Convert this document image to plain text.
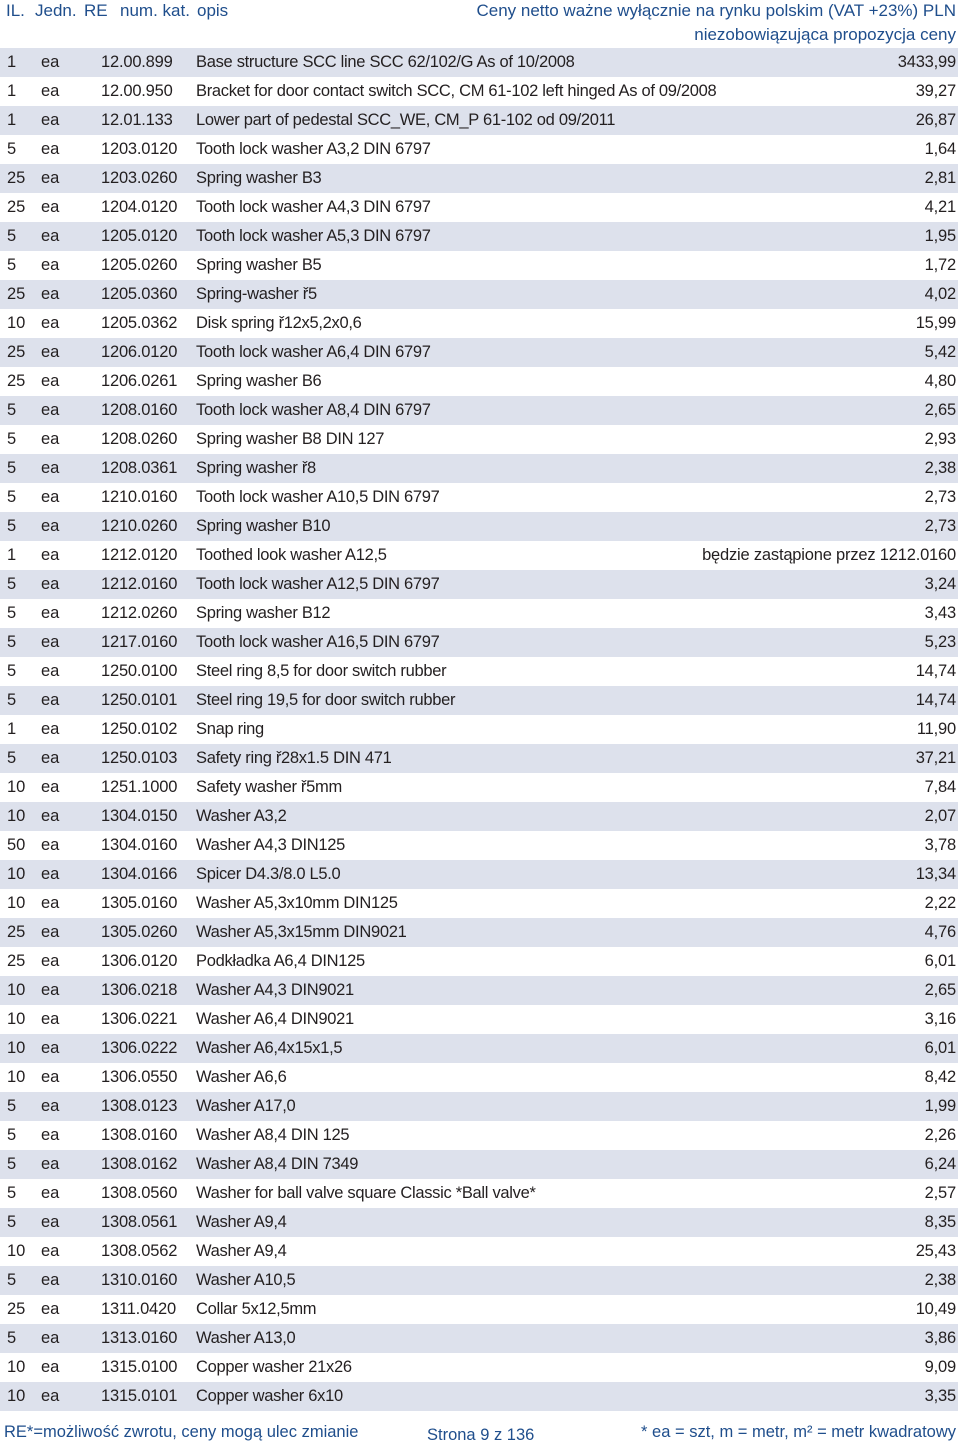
IL. Jedn. RE num. kat. opis	Ceny netto ważne wyłącznie na rynku polskim (VAT +23%) PLN
niezobowiązująca propozycja ceny
1 ea	12.00.899 Base structure SCC line SCC 62/102/G As of 10/2008	3433,99
1 ea	12.00.950 Bracket for door contact switch SCC, CM 61-102 left hinged As of 09/2008	39,27
1 ea	12.01.133 Lower part of pedestal SCC_WE, CM_P 61-102 od 09/2011	26,87
5 ea	1203.0120 Tooth lock washer A3,2 DIN 6797	1,64
25 ea	1203.0260 Spring washer B3	2,81
25 ea	1204.0120 Tooth lock washer A4,3 DIN 6797	4,21
5 ea	1205.0120 Tooth lock washer A5,3 DIN 6797	1,95
5 ea	1205.0260 Spring washer B5	1,72
25 ea	1205.0360 Spring-washer ř5	4,02
10 ea	1205.0362 Disk spring ř12x5,2x0,6	15,99
25 ea	1206.0120 Tooth lock washer A6,4 DIN 6797	5,42
25 ea	1206.0261 Spring washer B6	4,80
5 ea	1208.0160 Tooth lock washer A8,4 DIN 6797	2,65
5 ea	1208.0260 Spring washer B8 DIN 127	2,93
5 ea	1208.0361 Spring washer ř8	2,38
5 ea	1210.0160 Tooth lock washer A10,5 DIN 6797	2,73
5 ea	1210.0260 Spring washer B10	2,73
1 ea	1212.0120 Toothed look washer A12,5	będzie zastąpione przez 1212.0160
5 ea	1212.0160 Tooth lock washer A12,5 DIN 6797	3,24
5 ea	1212.0260 Spring washer B12	3,43
5 ea	1217.0160 Tooth lock washer A16,5 DIN 6797	5,23
5 ea	1250.0100 Steel ring 8,5 for door switch rubber	14,74
5 ea	1250.0101 Steel ring 19,5 for door switch rubber	14,74
1 ea	1250.0102 Snap ring	11,90
5 ea	1250.0103 Safety ring ř28x1.5 DIN 471	37,21
10 ea	1251.1000 Safety washer ř5mm	7,84
10 ea	1304.0150 Washer A3,2	2,07
50 ea	1304.0160 Washer A4,3 DIN125	3,78
10 ea	1304.0166 Spicer D4.3/8.0 L5.0	13,34
10 ea	1305.0160 Washer A5,3x10mm DIN125	2,22
25 ea	1305.0260 Washer A5,3x15mm DIN9021	4,76
25 ea	1306.0120 Podkładka A6,4 DIN125	6,01
10 ea	1306.0218 Washer A4,3 DIN9021	2,65
10 ea	1306.0221 Washer A6,4 DIN9021	3,16
10 ea	1306.0222 Washer A6,4x15x1,5	6,01
10 ea	1306.0550 Washer A6,6	8,42
5 ea	1308.0123 Washer A17,0	1,99
5 ea	1308.0160 Washer A8,4 DIN 125	2,26
5 ea	1308.0162 Washer A8,4 DIN 7349	6,24
5 ea	1308.0560 Washer for ball valve square Classic *Ball valve*	2,57
5 ea	1308.0561 Washer A9,4	8,35
10 ea	1308.0562 Washer A9,4	25,43
5 ea	1310.0160 Washer A10,5	2,38
25 ea	1311.0420 Collar 5x12,5mm	10,49
5 ea	1313.0160 Washer A13,0	3,86
10 ea	1315.0100 Copper washer 21x26	9,09
10 ea	1315.0101 Copper washer 6x10	3,35
RE*=możliwość zwrotu, ceny mogą ulec zmianie	Strona 9 z 136	* ea = szt, m = metr, m² = metr kwadratowy
